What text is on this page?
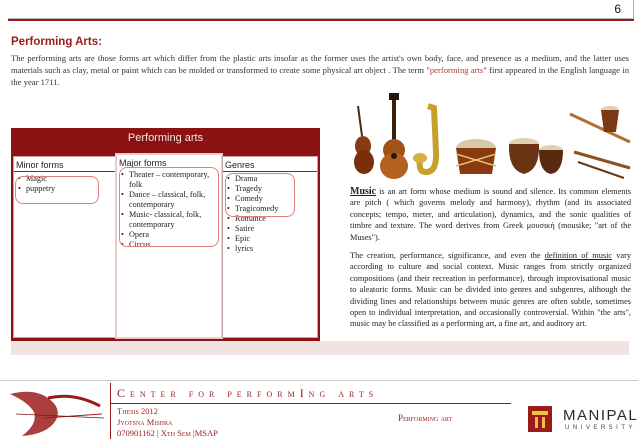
6
Performing Arts:
The performing arts are those forms art which differ from the plastic arts insofar as the former uses the artist's own body, face, and presence as a medium, and the latter uses materials such as clay, metal or paint which can be molded or transformed to create some physical art object . The term "performing arts" first appeared in the English language in the year 1711.
Performing arts
Minor forms
• Magic
• puppetry
Major forms
• Theater – contemporary, folk
• Dance – classical, folk, contemporary
• Music- classical, folk, contemporary
• Opera
• Circus
Genres
• Drama
• Tragedy
• Comedy
• Tragicomedy
• Romance
• Satire
• Epic
• lyrics

Music is an art form whose medium is sound and silence. Its common elements are pitch ( which governs melody and harmony), rhythm (and its associated concepts; tempo, meter, and articulation), dynamics, and the sonic qualities of timbre and texture. The word derives from Greek μουσική (mousike; "art of the Muses").

The creation, performance, significance, and even the definition of music vary according to culture and social context. Music ranges from strictly organized compositions (and their recreation in performance), through improvisational music to aleatoric forms. Music can be divided into genres and subgenres, although the dividing lines and relationships between music genres are often subtle, sometimes open to individual interpretation, and occasionally controversial. Within "the arts", music may be classified as a performing art, a fine art, and auditory art.

Center for performIng arts
Thesis 2012
Jyotsna Mishra
070901162 | Xth Sem |MSAP
Performing art	MANIPAL
UNIVERSITY
